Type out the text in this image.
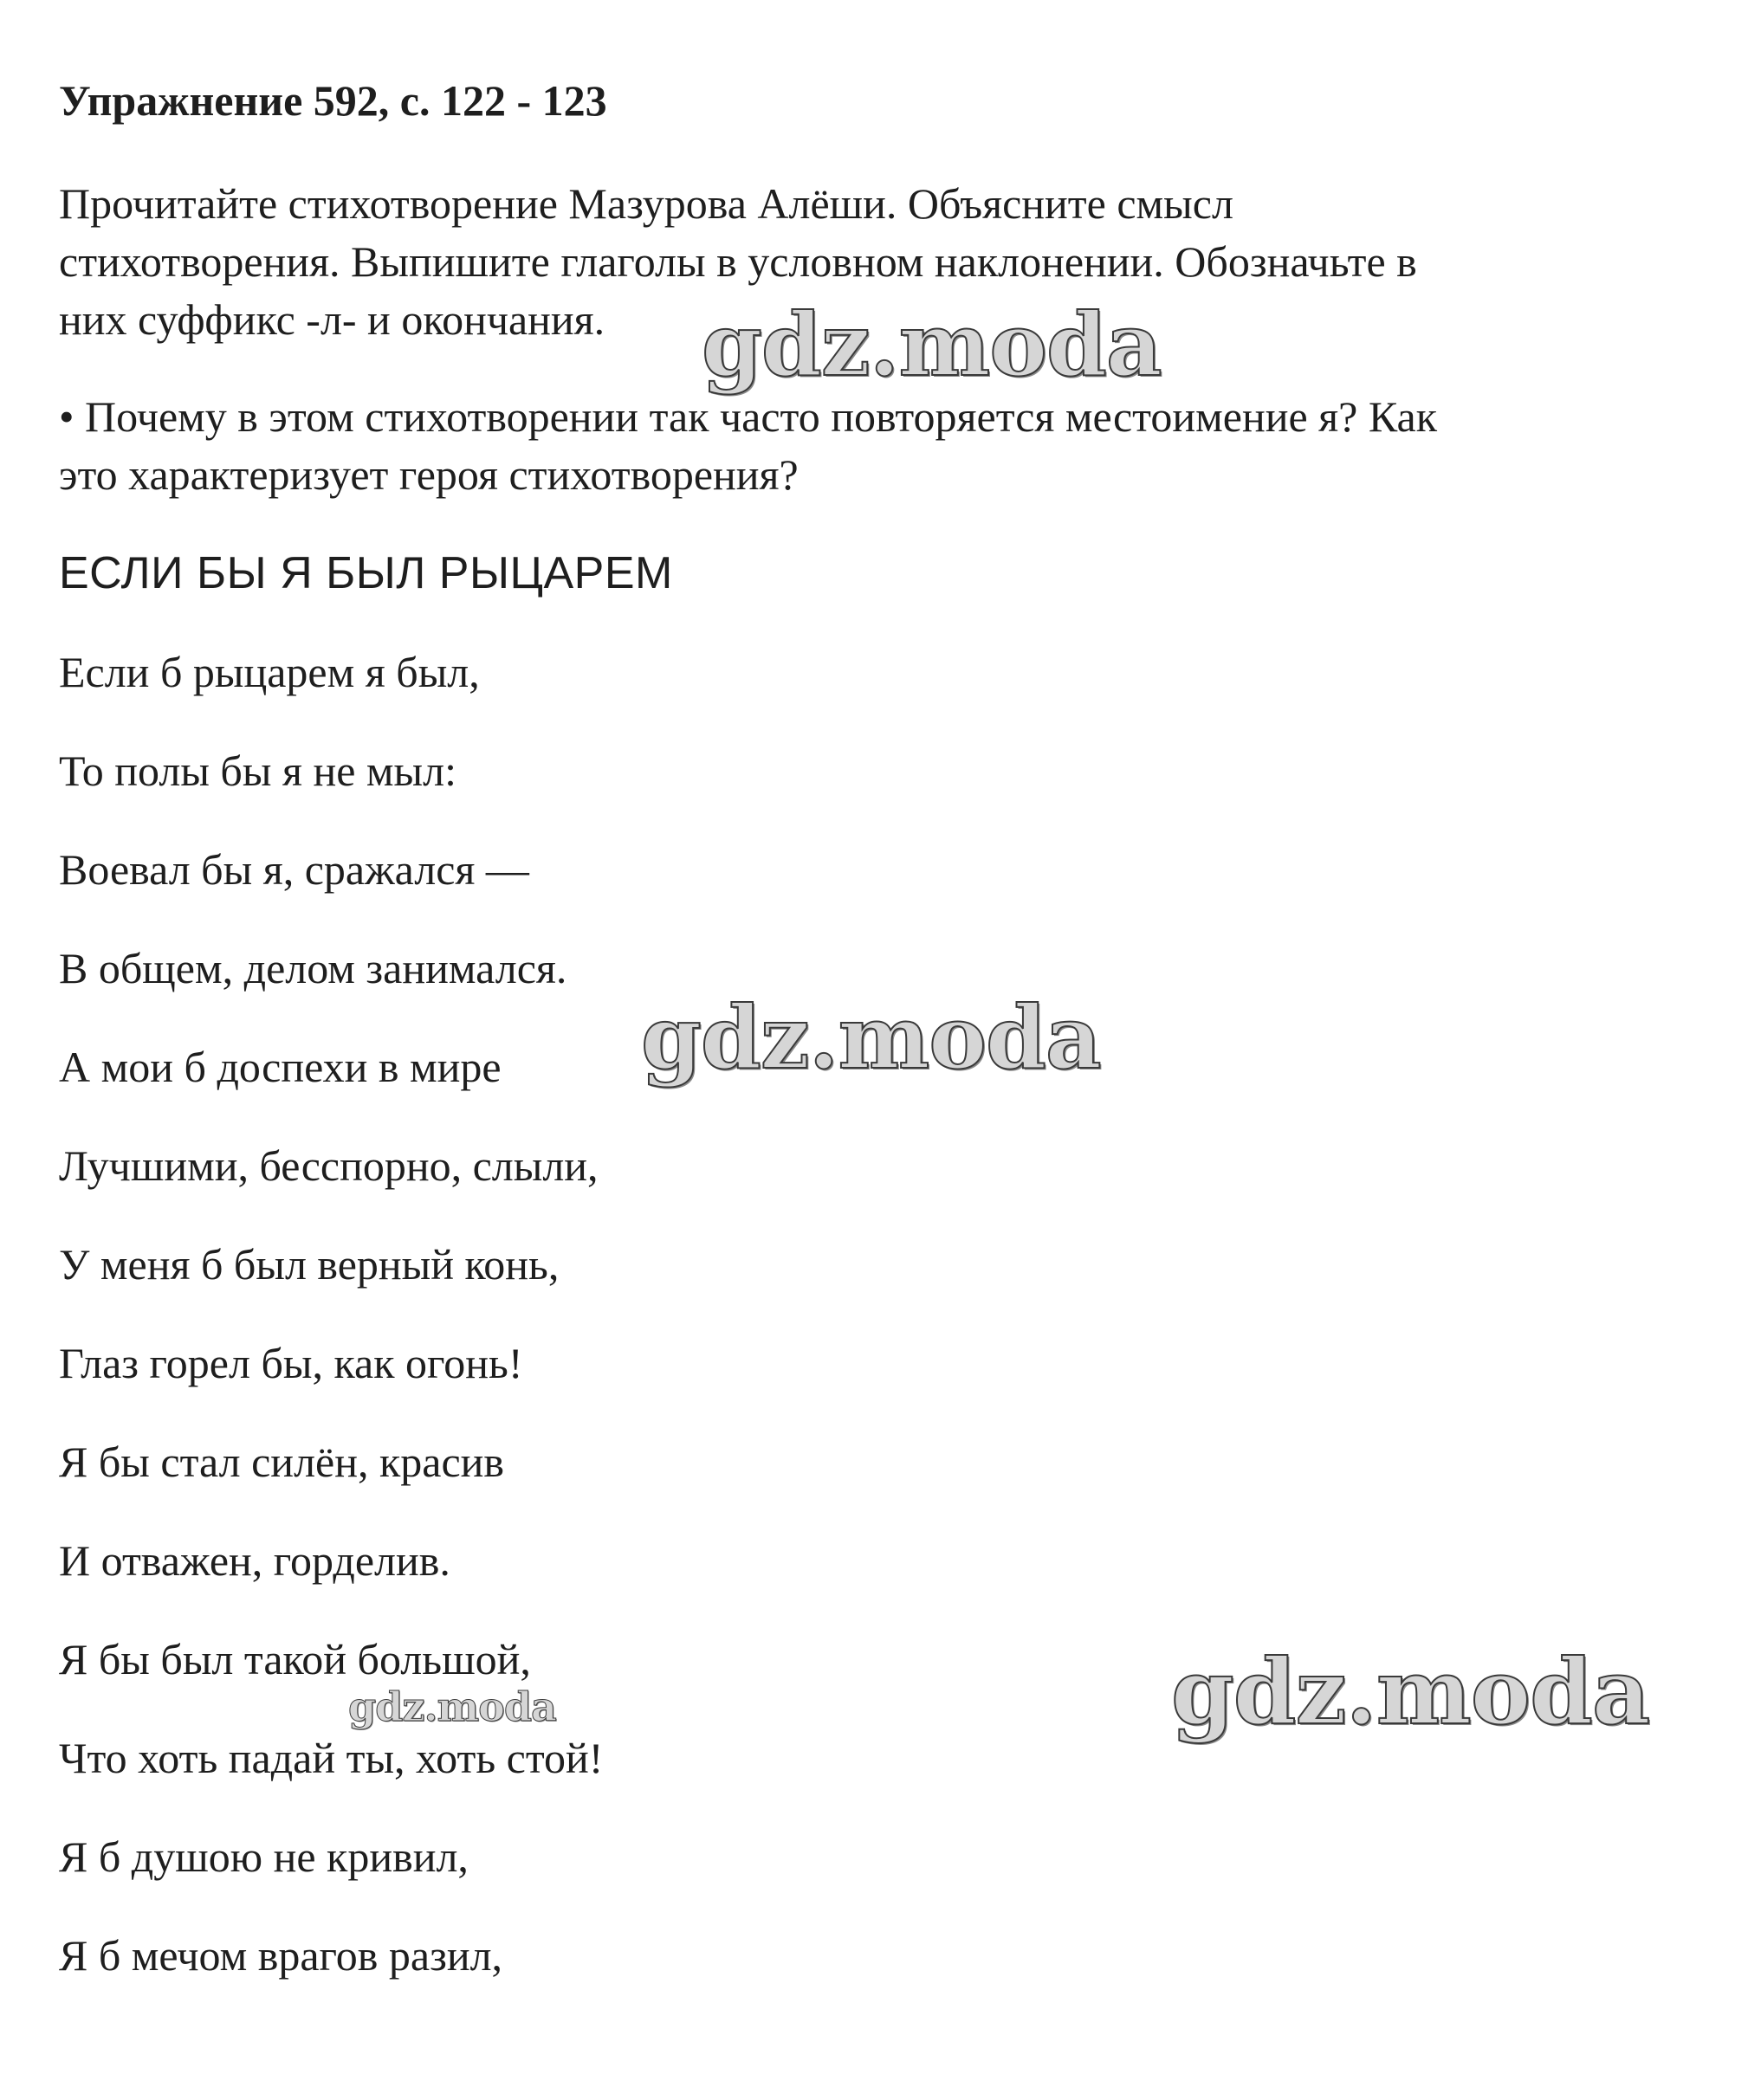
Упражнение 592, с. 122 - 123
Прочитайте стихотворение Мазурова Алёши. Объясните смысл
стихотворения. Выпишите глаголы в условном наклонении. Обозначьте в
них суффикс -л- и окончания.
• Почему в этом стихотворении так часто повторяется местоимение я? Как
это характеризует героя стихотворения?
ЕСЛИ БЫ Я БЫЛ РЫЦАРЕМ
Если б рыцарем я был,
То полы бы я не мыл:
Воевал бы я, сражался —
В общем, делом занимался.
А мои б доспехи в мире
Лучшими, бесспорно, слыли,
У меня б был верный конь,
Глаз горел бы, как огонь!
Я бы стал силён, красив
И отважен, горделив.
Я бы был такой большой,
Что хоть падай ты, хоть стой!
Я б душою не кривил,
Я б мечом врагов разил,
gdz.moda
gdz.moda
gdz.moda
gdz.moda
